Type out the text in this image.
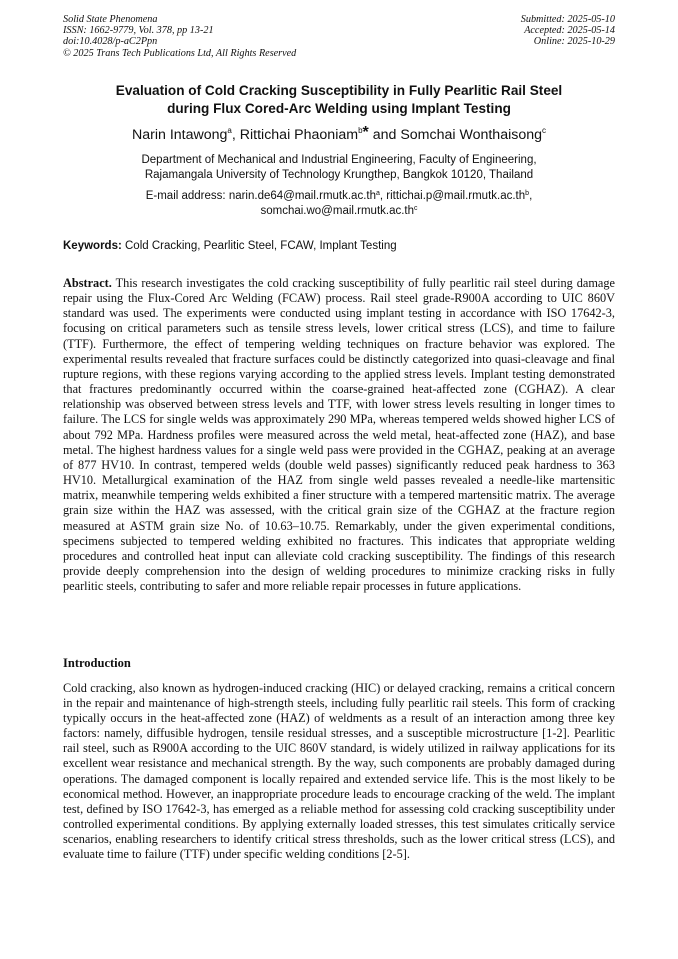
Solid State Phenomena
ISSN: 1662-9779, Vol. 378, pp 13-21
doi:10.4028/p-aC2Ppn
© 2025 Trans Tech Publications Ltd, All Rights Reserved
Submitted: 2025-05-10
Accepted: 2025-05-14
Online: 2025-10-29
Evaluation of Cold Cracking Susceptibility in Fully Pearlitic Rail Steel
during Flux Cored-Arc Welding using Implant Testing
Narin Intawong$^a$, Rittichai Phaoniam$^b$* and Somchai Wonthaisong$^c$
Department of Mechanical and Industrial Engineering, Faculty of Engineering,
Rajamangala University of Technology Krungthep, Bangkok 10120, Thailand
E-mail address: $narin.de64@mail.rmutk.ac.th^a$, $rittichai.p@mail.rmutk.ac.th^b$,
$somchai.wo@mail.rmutk.ac.th^c$
Keywords: Cold Cracking, Pearlitic Steel, FCAW, Implant Testing

Abstract. This research investigates the cold cracking susceptibility of fully pearlitic rail steel during damage repair using the Flux-Cored Arc Welding (FCAW) process. Rail steel grade-R900A according to UIC 860V standard was used. The experiments were conducted using implant testing in accordance with ISO 17642-3, focusing on critical parameters such as tensile stress levels, lower critical stress (LCS), and time to failure (TTF). Furthermore, the effect of tempering welding techniques on fracture behavior was explored. The experimental results revealed that fracture surfaces could be distinctly categorized into quasi-cleavage and final rupture regions, with these regions varying according to the applied stress levels. Implant testing demonstrated that fractures predominantly occurred within the coarse-grained heat-affected zone (CGHAZ). A clear relationship was observed between stress levels and TTF, with lower stress levels resulting in longer times to failure. The LCS for single welds was approximately 290 MPa, whereas tempered welds showed higher LCS of about 792 MPa. Hardness profiles were measured across the weld metal, heat-affected zone (HAZ), and base metal. The highest hardness values for a single weld pass were provided in the CGHAZ, peaking at an average of 877 HV10. In contrast, tempered welds (double weld passes) significantly reduced peak hardness to 363 HV10. Metallurgical examination of the HAZ from single weld passes revealed a needle-like martensitic matrix, meanwhile tempering welds exhibited a finer structure with a tempered martensitic matrix. The average grain size within the HAZ was assessed, with the critical grain size of the CGHAZ at the fracture region measured at ASTM grain size No. of 10.63–10.75. Remarkably, under the given experimental conditions, specimens subjected to tempered welding exhibited no fractures. This indicates that appropriate welding procedures and controlled heat input can alleviate cold cracking susceptibility. The findings of this research provide deeply comprehension into the design of welding procedures to minimize cracking risks in fully pearlitic steels, contributing to safer and more reliable repair processes in future applications.

Introduction

Cold cracking, also known as hydrogen-induced cracking (HIC) or delayed cracking, remains a critical concern in the repair and maintenance of high-strength steels, including fully pearlitic rail steels. This form of cracking typically occurs in the heat-affected zone (HAZ) of weldments as a result of an interaction among three key factors: namely, diffusible hydrogen, tensile residual stresses, and a susceptible microstructure [1-2]. Pearlitic rail steel, such as R900A according to the UIC 860V standard, is widely utilized in railway applications for its excellent wear resistance and mechanical strength. By the way, such components are probably damaged during operations. The damaged component is locally repaired and extended service life. This is the most likely to be economical method. However, an inappropriate procedure leads to encourage cracking of the weld. The implant test, defined by ISO 17642-3, has emerged as a reliable method for assessing cold cracking susceptibility under controlled experimental conditions. By applying externally loaded stresses, this test simulates critically service scenarios, enabling researchers to identify critical stress thresholds, such as the lower critical stress (LCS), and evaluate time to failure (TTF) under specific welding conditions [2-5].
